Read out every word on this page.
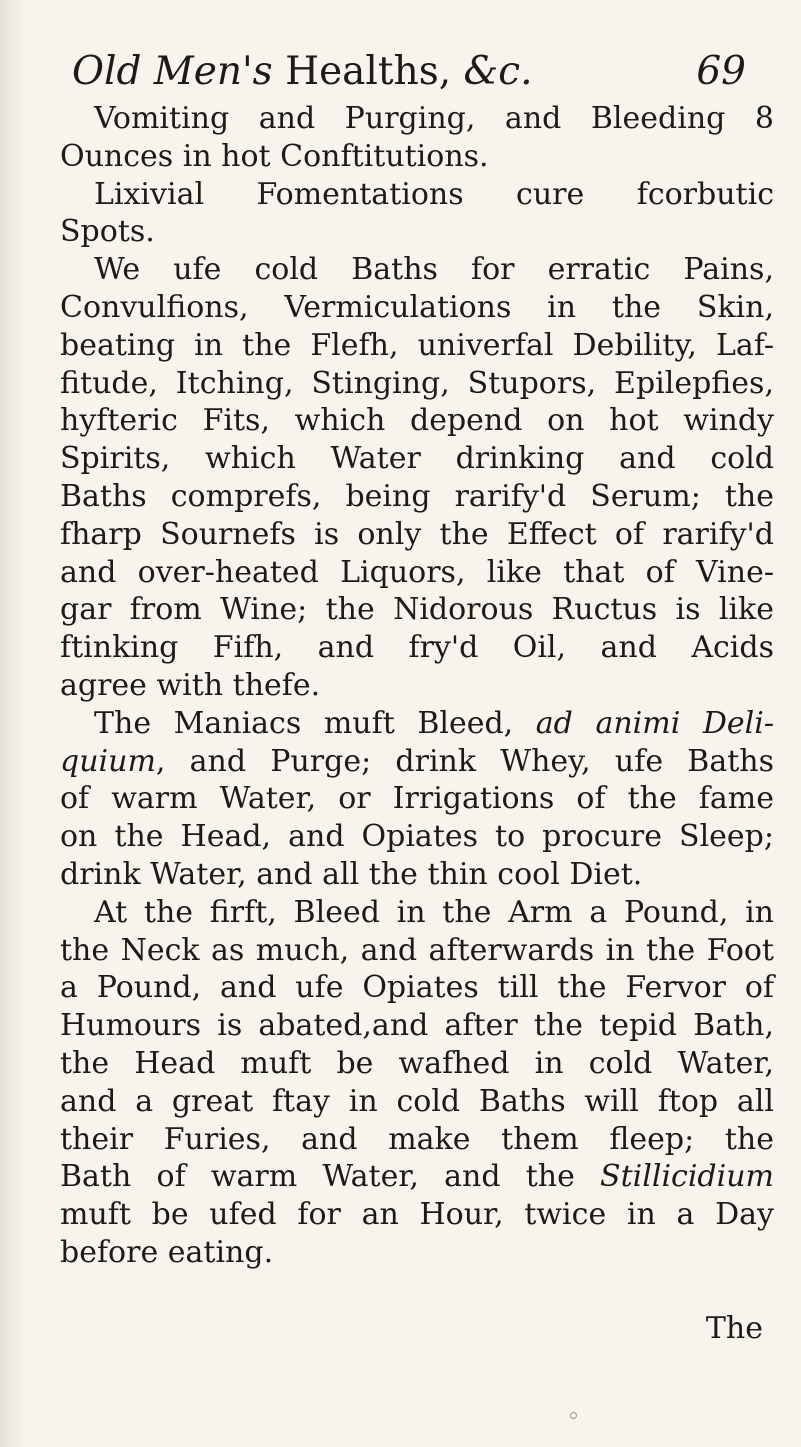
Old Men's Healths, &c.	69
Vomiting and Purging, and Bleeding 8
Ounces in hot Conftitutions.
Lixivial Fomentations cure fcorbutic
Spots.
We ufe cold Baths for erratic Pains,
Convulfions, Vermiculations in the Skin,
beating in the Flefh, univerfal Debility, Laf-
fitude, Itching, Stinging, Stupors, Epilepfies,
hyfteric Fits, which depend on hot windy
Spirits, which Water drinking and cold
Baths comprefs, being rarify'd Serum; the
fharp Sournefs is only the Effect of rarify'd
and over-heated Liquors, like that of Vine-
gar from Wine; the Nidorous Ructus is like
ftinking Fifh, and fry'd Oil, and Acids
agree with thefe.
The Maniacs muft Bleed, ad animi Deli-
quium, and Purge; drink Whey, ufe Baths
of warm Water, or Irrigations of the fame
on the Head, and Opiates to procure Sleep;
drink Water, and all the thin cool Diet.
At the firft, Bleed in the Arm a Pound, in
the Neck as much, and afterwards in the Foot
a Pound, and ufe Opiates till the Fervor of
Humours is abated,and after the tepid Bath,
the Head muft be wafhed in cold Water,
and a great ftay in cold Baths will ftop all
their Furies, and make them fleep; the
Bath of warm Water, and the Stillicidium
muft be ufed for an Hour, twice in a Day
before eating.
The
